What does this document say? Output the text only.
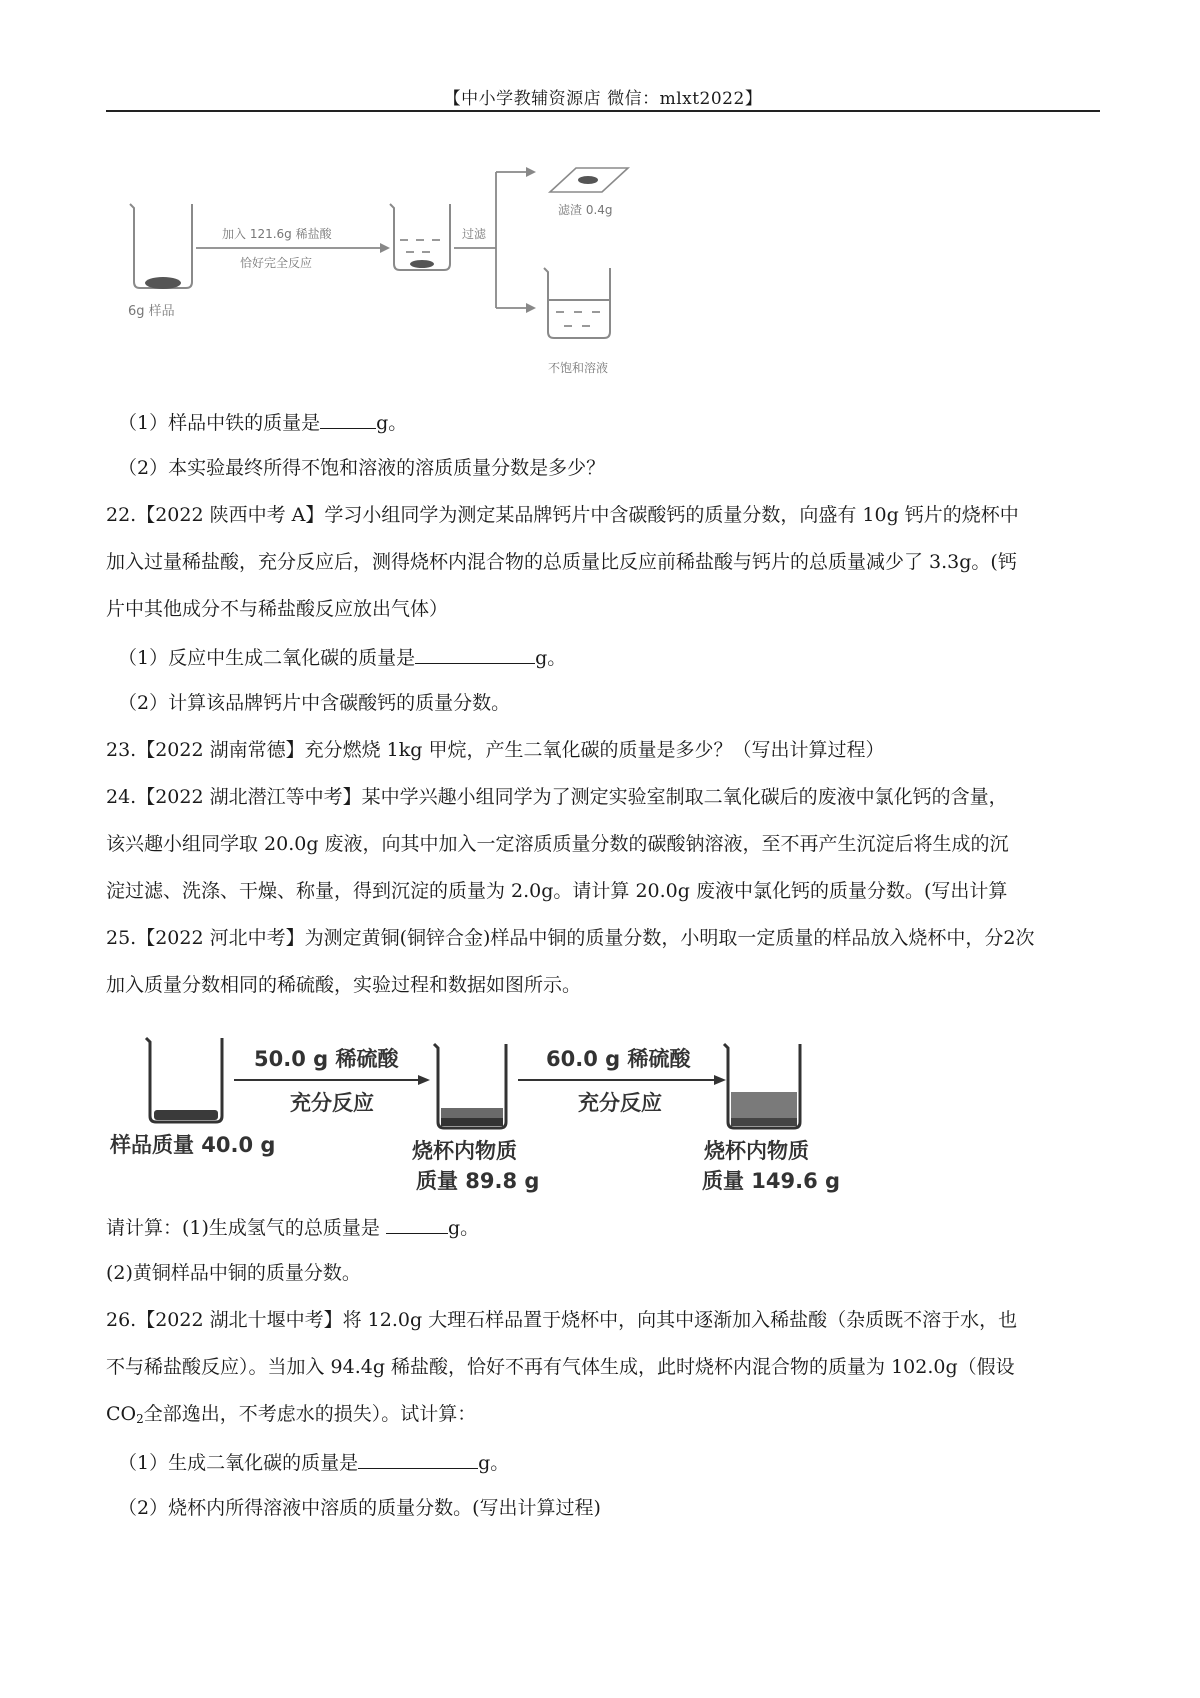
【中小学教辅资源店 微信：mlxt2022】
6g 样品
加入 121.6g 稀盐酸
恰好完全反应
过滤
滤渣 0.4g
不饱和溶液
（1）样品中铁的质量是	g。
（2）本实验最终所得不饱和溶液的溶质质量分数是多少？
22.【2022 陕西中考 A】学习小组同学为测定某品牌钙片中含碳酸钙的质量分数，向盛有 10g 钙片的烧杯中
加入过量稀盐酸，充分反应后，测得烧杯内混合物的总质量比反应前稀盐酸与钙片的总质量减少了 3.3g。(钙
片中其他成分不与稀盐酸反应放出气体）
（1）反应中生成二氧化碳的质量是	g。
（2）计算该品牌钙片中含碳酸钙的质量分数。
23.【2022 湖南常德】充分燃烧 1kg 甲烷，产生二氧化碳的质量是多少？（写出计算过程）
24.【2022 湖北潜江等中考】某中学兴趣小组同学为了测定实验室制取二氧化碳后的废液中氯化钙的含量，
该兴趣小组同学取 20.0g 废液，向其中加入一定溶质质量分数的碳酸钠溶液，至不再产生沉淀后将生成的沉
淀过滤、洗涤、干燥、称量，得到沉淀的质量为 2.0g。请计算 20.0g 废液中氯化钙的质量分数。(写出计算
25.【2022 河北中考】为测定黄铜(铜锌合金)样品中铜的质量分数，小明取一定质量的样品放入烧杯中，分2次
加入质量分数相同的稀硫酸，实验过程和数据如图所示。
样品质量 40.0 g
50.0 g 稀硫酸
充分反应
烧杯内物质
质量 89.8 g
60.0 g 稀硫酸
充分反应
烧杯内物质
质量 149.6 g
请计算：(1)生成氢气的总质量是	g。
(2)黄铜样品中铜的质量分数。
26.【2022 湖北十堰中考】将 12.0g 大理石样品置于烧杯中，向其中逐渐加入稀盐酸（杂质既不溶于水，也
不与稀盐酸反应）。当加入 94.4g 稀盐酸，恰好不再有气体生成，此时烧杯内混合物的质量为 102.0g（假设
$CO_2$全部逸出，不考虑水的损失）。试计算：
（1）生成二氧化碳的质量是	g。
（2）烧杯内所得溶液中溶质的质量分数。(写出计算过程)
